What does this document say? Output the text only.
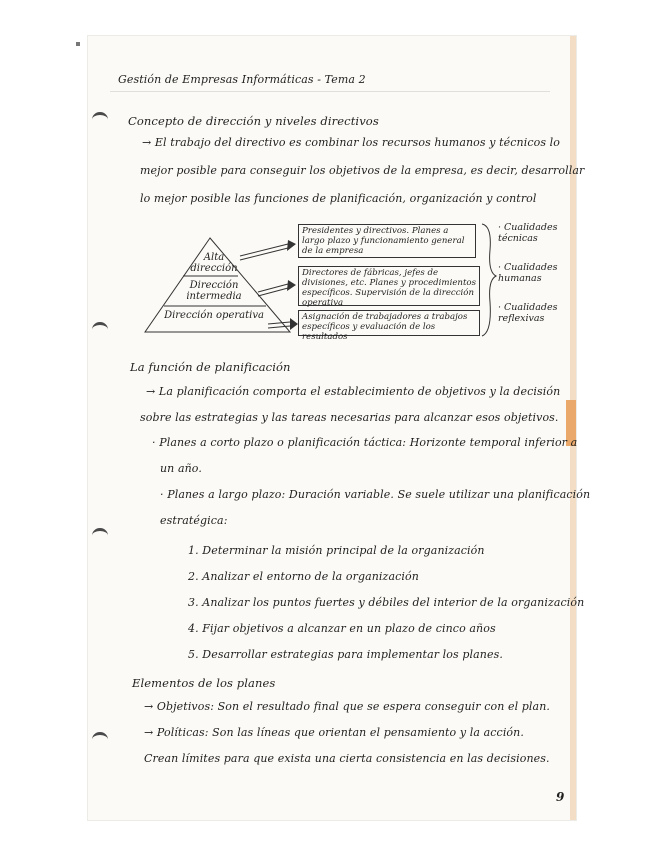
Gestión de Empresas Informáticas - Tema 2
Concepto de dirección y niveles directivos
→ El trabajo del directivo es combinar los recursos humanos y técnicos lo
mejor posible para conseguir los objetivos de la empresa, es decir, desarrollar
lo mejor posible las funciones de planificación, organización y control
Alta dirección
Dirección intermedia
Dirección operativa
Presidentes y directivos. Planes a largo plazo y funcionamiento general de la empresa
Directores de fábricas, jefes de divisiones, etc. Planes y procedimientos específicos. Supervisión de la dirección operativa
Asignación de trabajadores a trabajos específicos y evaluación de los resultados
· Cualidades técnicas
· Cualidades humanas
· Cualidades reflexivas
La función de planificación
→ La planificación comporta el establecimiento de objetivos y la decisión
sobre las estrategias y las tareas necesarias para alcanzar esos objetivos.
· Planes a corto plazo o planificación táctica: Horizonte temporal inferior a
un año.
· Planes a largo plazo: Duración variable. Se suele utilizar una planificación
estratégica:
1. Determinar la misión principal de la organización
2. Analizar el entorno de la organización
3. Analizar los puntos fuertes y débiles del interior de la organización
4. Fijar objetivos a alcanzar en un plazo de cinco años
5. Desarrollar estrategias para implementar los planes.
Elementos de los planes
→ Objetivos: Son el resultado final que se espera conseguir con el plan.
→ Políticas: Son las líneas que orientan el pensamiento y la acción.
Crean límites para que exista una cierta consistencia en las decisiones.
9
